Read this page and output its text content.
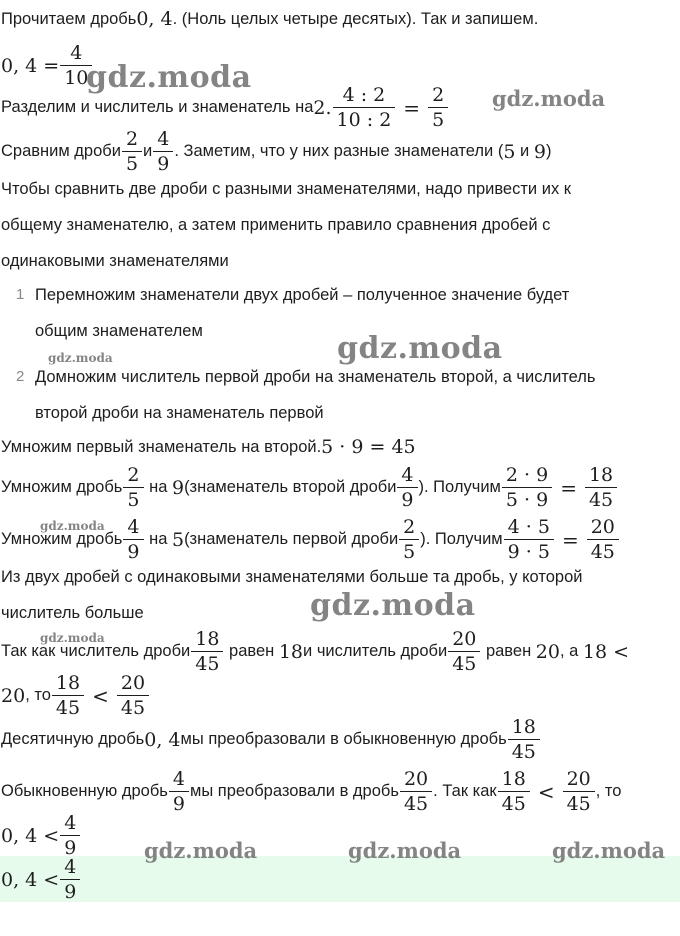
Прочитаем дробь 0, 4 . (Ноль целых четыре десятых). Так и запишем.
0, $4 = \frac{4}{10}$
Разделим и числитель и знаменатель на 2. $\frac{4 : 2}{10 : 2} = \frac{2}{5}$
Сравним дроби $\frac{2}{5}$ и $\frac{4}{9}$ . Заметим, что у них разные знаменатели ( 5 и 9 )
Чтобы сравнить две дроби с разными знаменателями, надо привести их к
общему знаменателю, а затем применить правило сравнения дробей с
одинаковыми знаменателями
1 Перемножим знаменатели двух дробей – полученное значение будет
общим знаменателем
2 Домножим числитель первой дроби на знаменатель второй, а числитель
второй дроби на знаменатель первой
Умножим первый знаменатель на второй. 5 · 9 = 45
Умножим дробь $\frac{2}{5}$ на 9 (знаменатель второй дроби $\frac{4}{9}$ ). Получим $\frac{2 \cdot 9}{5 \cdot 9} = \frac{18}{45}$
Умножим дробь $\frac{4}{9}$ на 5 (знаменатель первой дроби $\frac{2}{5}$ ). Получим $\frac{4 \cdot 5}{9 \cdot 5} = \frac{20}{45}$
Из двух дробей с одинаковыми знаменателями больше та дробь, у которой
числитель больше
Так как числитель дроби $\frac{18}{45}$ равен 18 и числитель дроби $\frac{20}{45}$ равен 20 , а 18 <
20 , то $\frac{18}{45} < \frac{20}{45}$
Десятичную дробь 0, 4 мы преобразовали в обыкновенную дробь $\frac{18}{45}$
Обыкновенную дробь $\frac{4}{9}$ мы преобразовали в дробь $\frac{20}{45}$ . Так как $\frac{18}{45} < \frac{20}{45}$ , то
0, $4 < \frac{4}{9}$
0, $4 < \frac{4}{9}$
gdz.moda
gdz.moda
gdz.moda	gdz.moda
gdz.moda
gdz.moda
gdz.moda
gdz.moda	gdz.moda	gdz.moda
